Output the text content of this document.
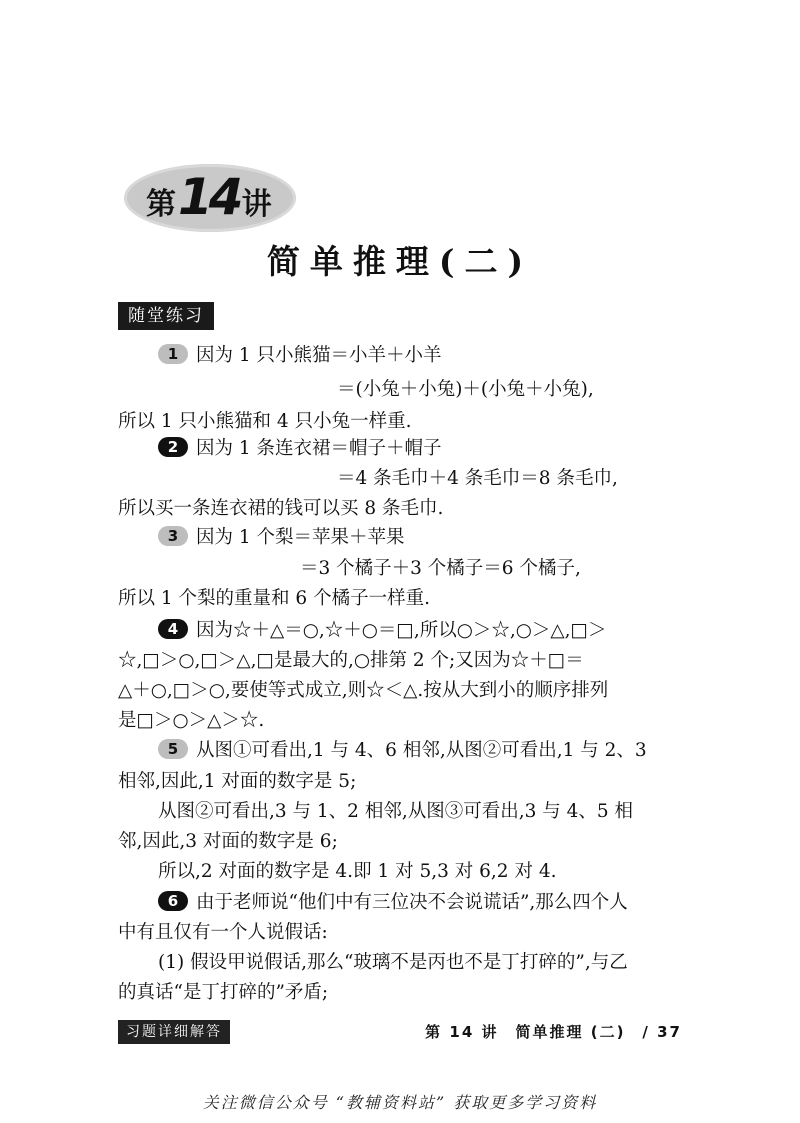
第 14 讲
简单推理(二)
随堂练习
1 因为 1 只小熊猫＝小羊＋小羊
＝(小兔＋小兔)＋(小兔＋小兔),
所以 1 只小熊猫和 4 只小兔一样重.
2 因为 1 条连衣裙＝帽子＋帽子
＝4 条毛巾＋4 条毛巾＝8 条毛巾,
所以买一条连衣裙的钱可以买 8 条毛巾.
3 因为 1 个梨＝苹果＋苹果
＝3 个橘子＋3 个橘子＝6 个橘子,
所以 1 个梨的重量和 6 个橘子一样重.
4 因为☆＋△＝○,☆＋○＝□,所以○＞☆,○＞△,□＞
☆,□＞○,□＞△,□是最大的,○排第 2 个;又因为☆＋□＝
△＋○,□＞○,要使等式成立,则☆＜△.按从大到小的顺序排列
是□＞○＞△＞☆.
5 从图①可看出,1 与 4、6 相邻,从图②可看出,1 与 2、3
相邻,因此,1 对面的数字是 5;
从图②可看出,3 与 1、2 相邻,从图③可看出,3 与 4、5 相
邻,因此,3 对面的数字是 6;
所以,2 对面的数字是 4.即 1 对 5,3 对 6,2 对 4.
6 由于老师说“他们中有三位决不会说谎话”,那么四个人
中有且仅有一个人说假话:
(1) 假设甲说假话,那么“玻璃不是丙也不是丁打碎的”,与乙
的真话“是丁打碎的”矛盾;
习题详细解答	第 14 讲　简单推理 (二)　/ 37
关注微信公众号 “教辅资料站” 获取更多学习资料
